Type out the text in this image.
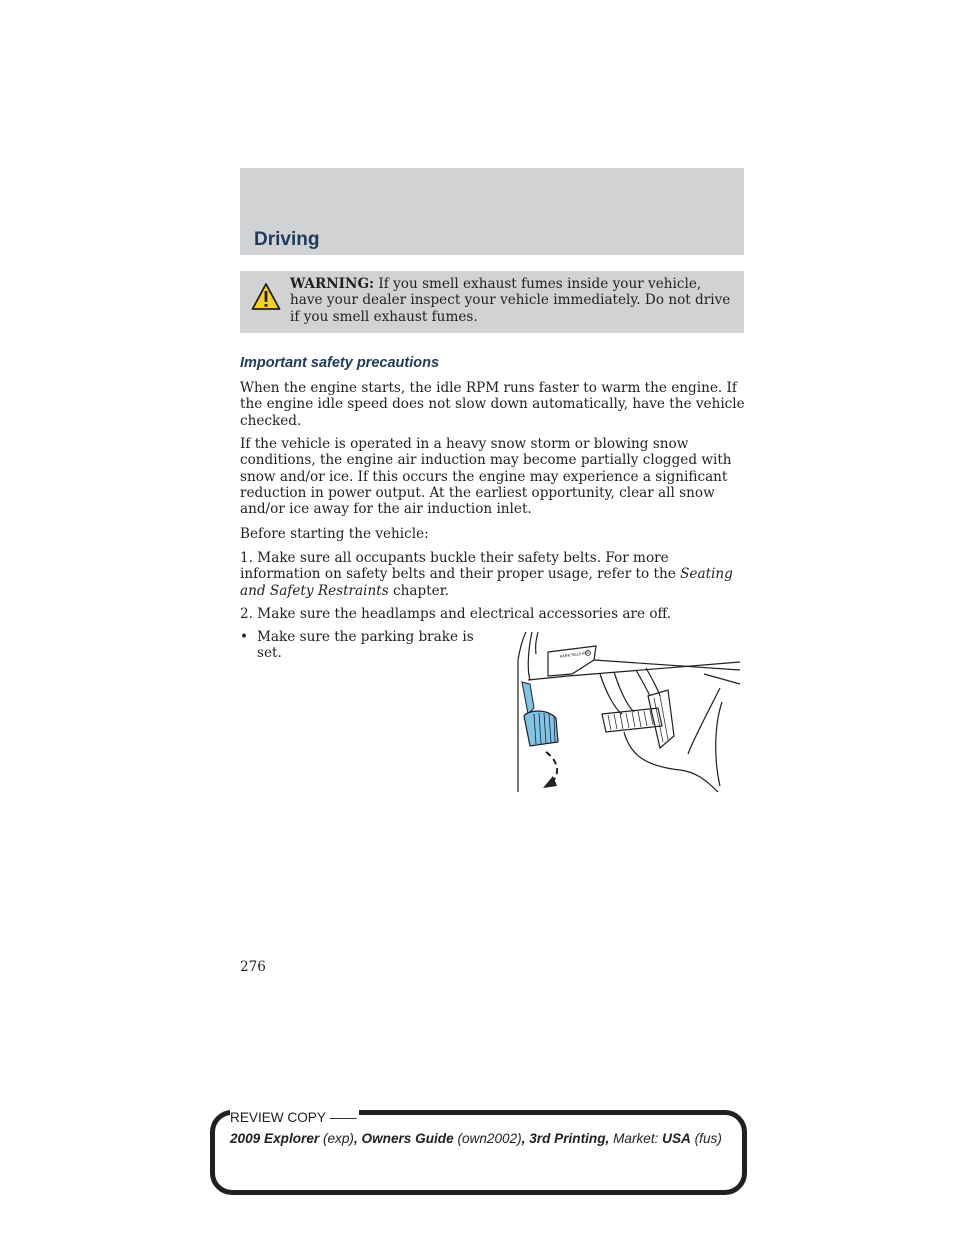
Driving
WARNING: If you smell exhaust fumes inside your vehicle, have your dealer inspect your vehicle immediately. Do not drive if you smell exhaust fumes.
Important safety precautions

When the engine starts, the idle RPM runs faster to warm the engine. If the engine idle speed does not slow down automatically, have the vehicle checked.

If the vehicle is operated in a heavy snow storm or blowing snow conditions, the engine air induction may become partially clogged with snow and/or ice. If this occurs the engine may experience a significant reduction in power output. At the earliest opportunity, clear all snow and/or ice away for the air induction inlet.

Before starting the vehicle:

1. Make sure all occupants buckle their safety belts. For more information on safety belts and their proper usage, refer to the Seating and Safety Restraints chapter.

2. Make sure the headlamps and electrical accessories are off.

• Make sure the parking brake is set.	PARK RELEASE
276
REVIEW COPY ——
2009 Explorer (exp), Owners Guide (own2002), 3rd Printing, Market: USA (fus)
